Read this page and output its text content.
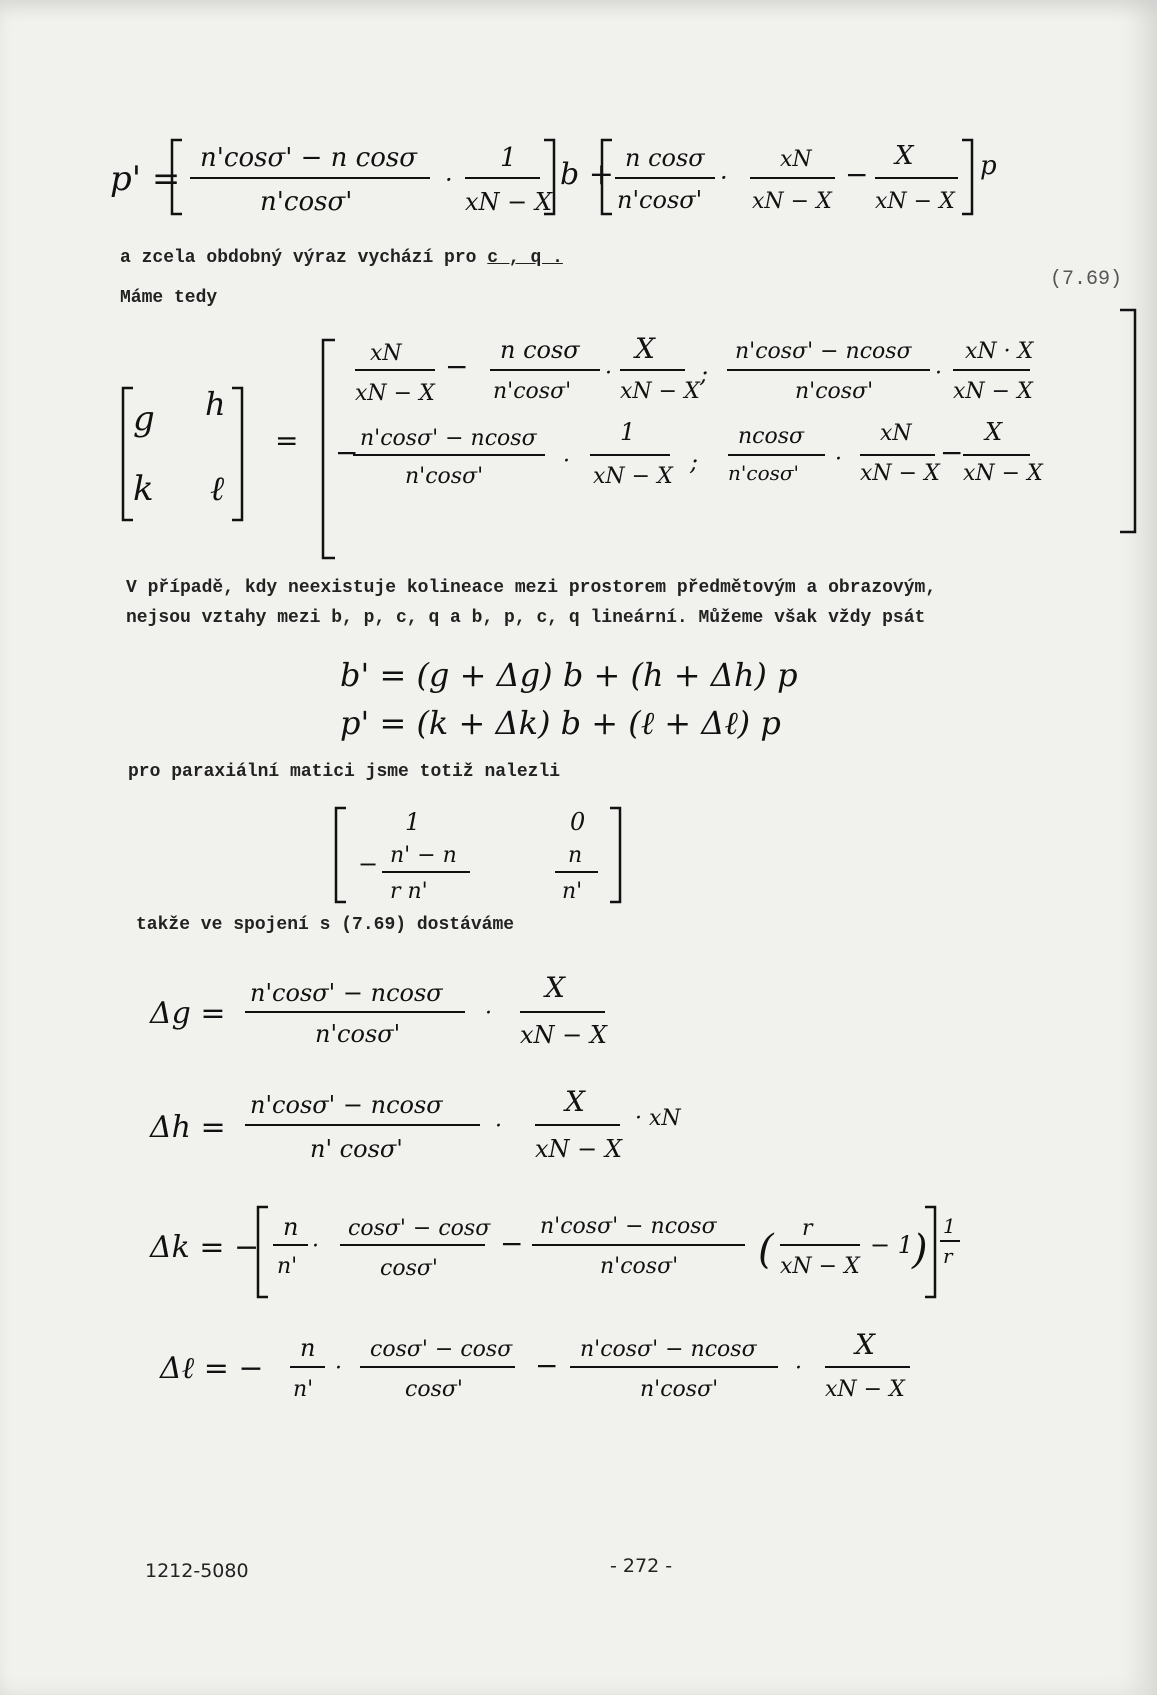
p' =
n'cosσ' − n cosσ
n'cosσ'
·
1
xN − X
b + n cosσ
n'cosσ'
·
xN
xN − X
−
X
xN − X
p
a zcela obdobný výraz vychází pro c , q .
Máme tedy
(7.69)
g h
k ℓ
=
xN
xN − X
− n cosσ
n'cosσ'
·
X
xN − X
;
n'cosσ' − ncosσ
n'cosσ'
·
xN · X
xN − X
− n'cosσ' − ncosσ
n'cosσ'
·
1
xN − X
;
ncosσ
n'cosσ'
·
xN
xN − X
−
X
xN − X
V případě, kdy neexistuje kolineace mezi prostorem předmětovým a obrazovým,
nejsou vztahy mezi b, p, c, q a b, p, c, q lineární. Můžeme však vždy psát
b' = (g + Δg) b + (h + Δh) p
p' = (k + Δk) b + (ℓ + Δℓ) p
pro paraxiální matici jsme totiž nalezli
1	0
− n' − n
r n'
n
n'
takže ve spojení s (7.69) dostáváme
Δg =
n'cosσ' − ncosσ
n'cosσ'
·
X
xN − X
Δh =
n'cosσ' − ncosσ
n' cosσ'
·
X
xN − X
· xN
Δk = −
n
n'
·
cosσ' − cosσ
cosσ'
−
n'cosσ' − ncosσ
n'cosσ' ( r
xN − X
− 1
)
1
r
Δℓ = −
n
n'
·
cosσ' − cosσ
cosσ'
− n'cosσ' − ncosσ
n'cosσ'
·
X
xN − X
1212-5080	- 272 -
